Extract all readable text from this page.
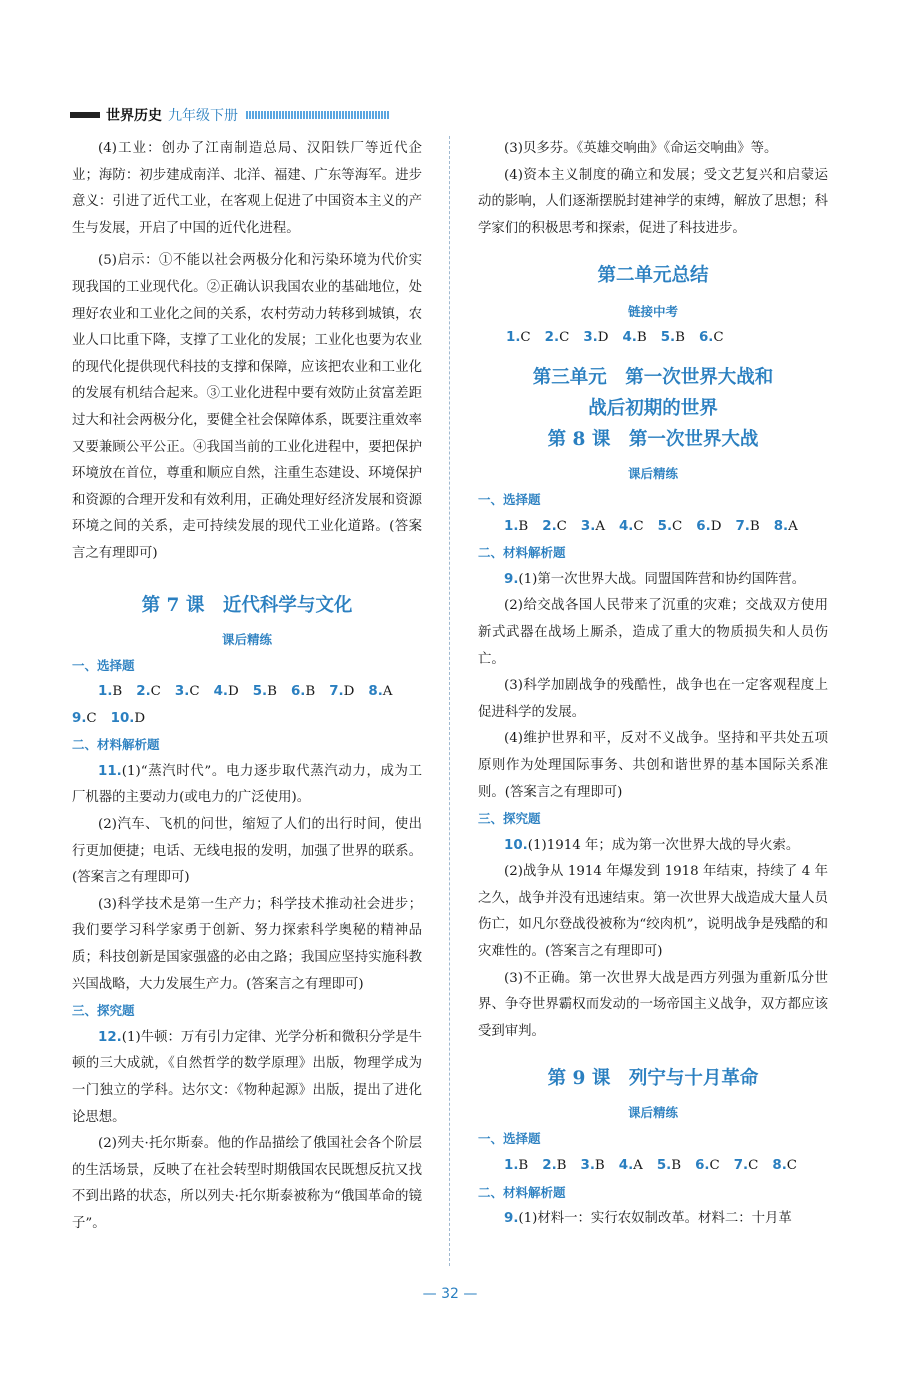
世界历史 九年级下册

(4)工业：创办了江南制造总局、汉阳铁厂等近代企业；海防：初步建成南洋、北洋、福建、广东等海军。进步意义：引进了近代工业，在客观上促进了中国资本主义的产生与发展，开启了中国的近代化进程。

(5)启示：①不能以社会两极分化和污染环境为代价实现我国的工业现代化。②正确认识我国农业的基础地位，处理好农业和工业化之间的关系，农村劳动力转移到城镇，农业人口比重下降，支撑了工业化的发展；工业化也要为农业的现代化提供现代科技的支撑和保障，应该把农业和工业化的发展有机结合起来。③工业化进程中要有效防止贫富差距过大和社会两极分化，要健全社会保障体系，既要注重效率又要兼顾公平公正。④我国当前的工业化进程中，要把保护环境放在首位，尊重和顺应自然，注重生态建设、环境保护和资源的合理开发和有效利用，正确处理好经济发展和资源环境之间的关系，走可持续发展的现代工业化道路。(答案言之有理即可)

第 7 课　近代科学与文化
课后精练
一、选择题
1.B 2.C 3.C 4.D 5.B 6.B 7.D 8.A
9.C 10.D
二、材料解析题

11.(1)“蒸汽时代”。电力逐步取代蒸汽动力，成为工厂机器的主要动力(或电力的广泛使用)。

(2)汽车、飞机的问世，缩短了人们的出行时间，使出行更加便捷；电话、无线电报的发明，加强了世界的联系。(答案言之有理即可)

(3)科学技术是第一生产力；科学技术推动社会进步；我们要学习科学家勇于创新、努力探索科学奥秘的精神品质；科技创新是国家强盛的必由之路；我国应坚持实施科教兴国战略，大力发展生产力。(答案言之有理即可)

三、探究题

12.(1)牛顿：万有引力定律、光学分析和微积分学是牛顿的三大成就，《自然哲学的数学原理》出版，物理学成为一门独立的学科。达尔文：《物种起源》出版，提出了进化论思想。

(2)列夫·托尔斯泰。他的作品描绘了俄国社会各个阶层的生活场景，反映了在社会转型时期俄国农民既想反抗又找不到出路的状态，所以列夫·托尔斯泰被称为“俄国革命的镜子”。

(3)贝多芬。《英雄交响曲》《命运交响曲》等。

(4)资本主义制度的确立和发展；受文艺复兴和启蒙运动的影响，人们逐渐摆脱封建神学的束缚，解放了思想；科学家们的积极思考和探索，促进了科技进步。

第二单元总结
链接中考
1.C 2.C 3.D 4.B 5.B 6.C
第三单元　第一次世界大战和
战后初期的世界
第 8 课　第一次世界大战
课后精练
一、选择题
1.B 2.C 3.A 4.C 5.C 6.D 7.B 8.A
二、材料解析题

9.(1)第一次世界大战。同盟国阵营和协约国阵营。

(2)给交战各国人民带来了沉重的灾难；交战双方使用新式武器在战场上厮杀，造成了重大的物质损失和人员伤亡。

(3)科学加剧战争的残酷性，战争也在一定客观程度上促进科学的发展。

(4)维护世界和平，反对不义战争。坚持和平共处五项原则作为处理国际事务、共创和谐世界的基本国际关系准则。(答案言之有理即可)

三、探究题

10.(1)1914 年；成为第一次世界大战的导火索。

(2)战争从 1914 年爆发到 1918 年结束，持续了 4 年之久，战争并没有迅速结束。第一次世界大战造成大量人员伤亡，如凡尔登战役被称为“绞肉机”，说明战争是残酷的和灾难性的。(答案言之有理即可)

(3)不正确。第一次世界大战是西方列强为重新瓜分世界、争夺世界霸权而发动的一场帝国主义战争，双方都应该受到审判。

第 9 课　列宁与十月革命
课后精练
一、选择题
1.B 2.B 3.B 4.A 5.B 6.C 7.C 8.C
二、材料解析题

9.(1)材料一：实行农奴制改革。材料二：十月革

— 32 —
